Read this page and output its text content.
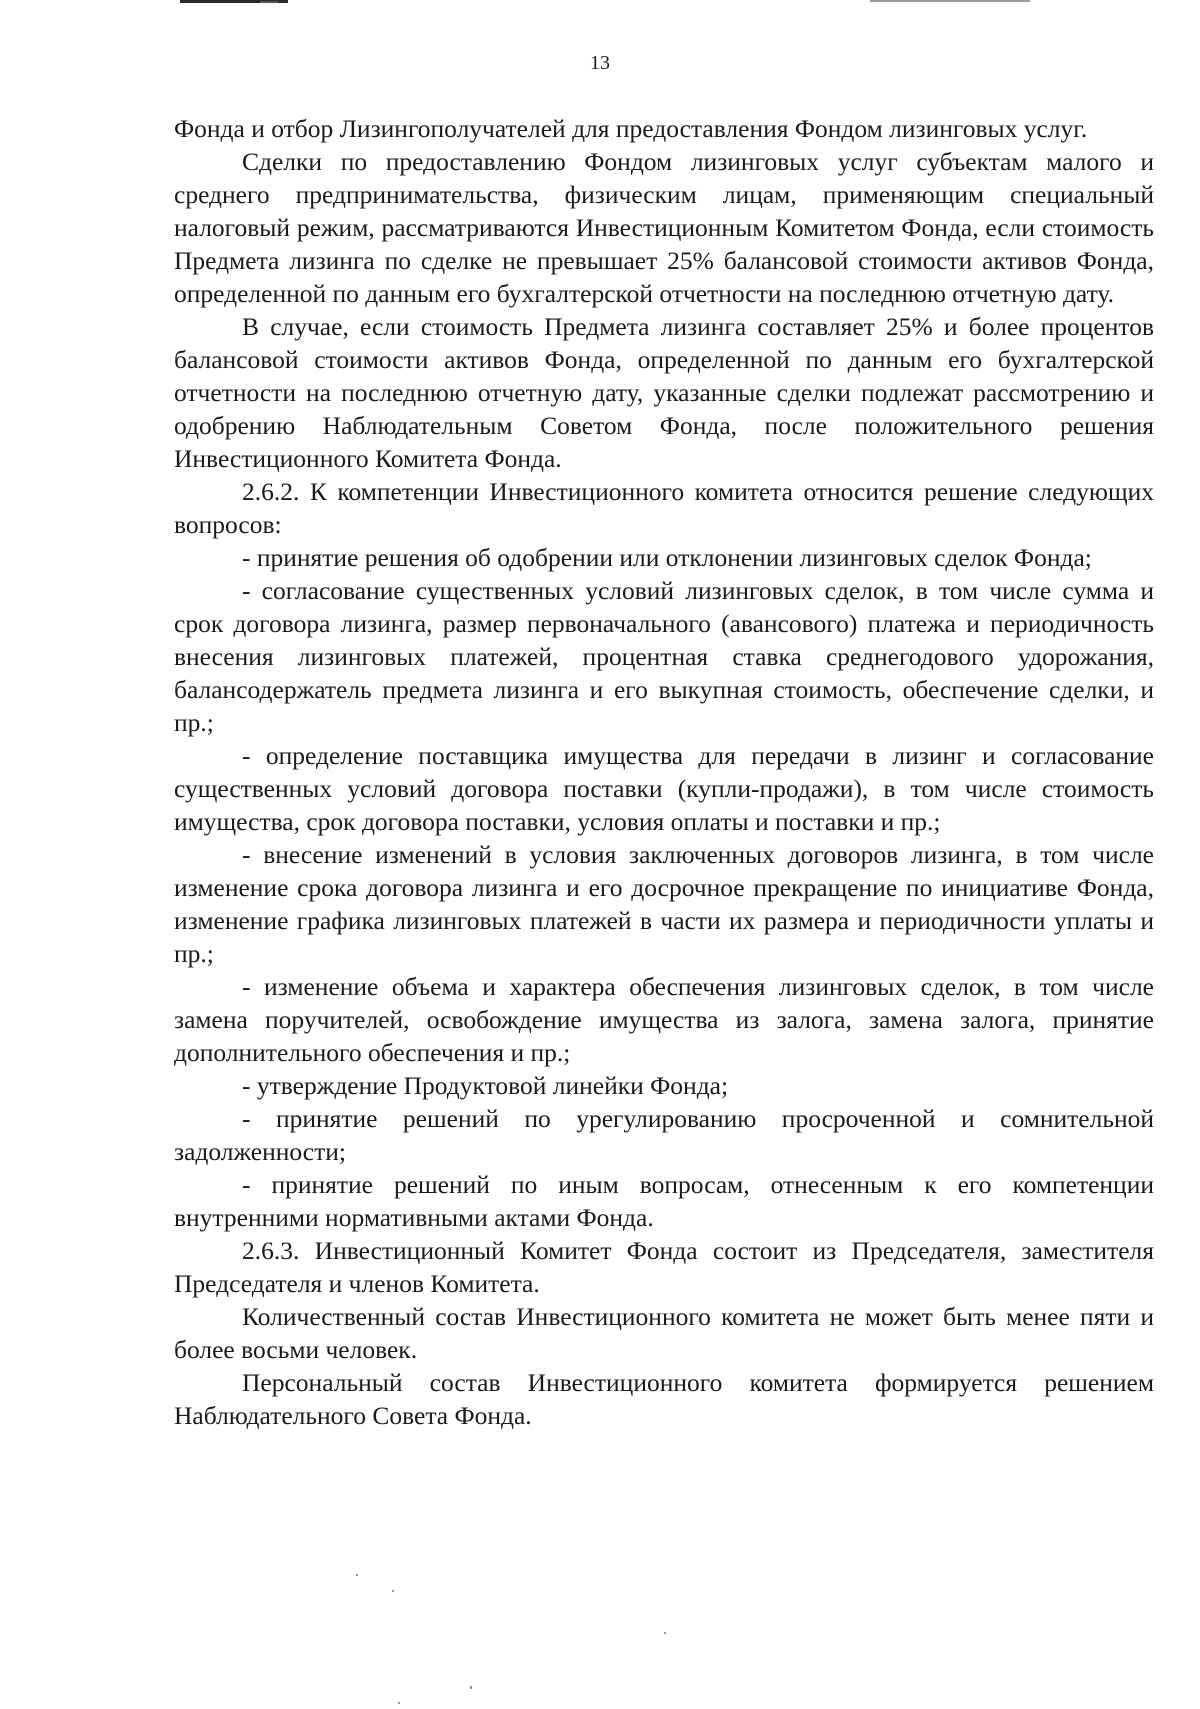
13

Фонда и отбор Лизингополучателей для предоставления Фондом лизинговых услуг.

Сделки по предоставлению Фондом лизинговых услуг субъектам малого и среднего предпринимательства, физическим лицам, применяющим специальный налоговый режим, рассматриваются Инвестиционным Комитетом Фонда, если стоимость Предмета лизинга по сделке не превышает 25% балансовой стоимости активов Фонда, определенной по данным его бухгалтерской отчетности на последнюю отчетную дату.

В случае, если стоимость Предмета лизинга составляет 25% и более процентов балансовой стоимости активов Фонда, определенной по данным его бухгалтерской отчетности на последнюю отчетную дату, указанные сделки подлежат рассмотрению и одобрению Наблюдательным Советом Фонда, после положительного решения Инвестиционного Комитета Фонда.

2.6.2. К компетенции Инвестиционного комитета относится решение следующих вопросов:

- принятие решения об одобрении или отклонении лизинговых сделок Фонда;

- согласование существенных условий лизинговых сделок, в том числе сумма и срок договора лизинга, размер первоначального (авансового) платежа и периодичность внесения лизинговых платежей, процентная ставка среднегодового удорожания, балансодержатель предмета лизинга и его выкупная стоимость, обеспечение сделки, и пр.;

- определение поставщика имущества для передачи в лизинг и согласование существенных условий договора поставки (купли-продажи), в том числе стоимость имущества, срок договора поставки, условия оплаты и поставки и пр.;

- внесение изменений в условия заключенных договоров лизинга, в том числе изменение срока договора лизинга и его досрочное прекращение по инициативе Фонда, изменение графика лизинговых платежей в части их размера и периодичности уплаты и пр.;

- изменение объема и характера обеспечения лизинговых сделок, в том числе замена поручителей, освобождение имущества из залога, замена залога, принятие дополнительного обеспечения и пр.;

- утверждение Продуктовой линейки Фонда;

- принятие решений по урегулированию просроченной и сомнительной задолженности;

- принятие решений по иным вопросам, отнесенным к его компетенции внутренними нормативными актами Фонда.

2.6.3. Инвестиционный Комитет Фонда состоит из Председателя, заместителя Председателя и членов Комитета.

Количественный состав Инвестиционного комитета не может быть менее пяти и более восьми человек.

Персональный состав Инвестиционного комитета формируется решением Наблюдательного Совета Фонда.
